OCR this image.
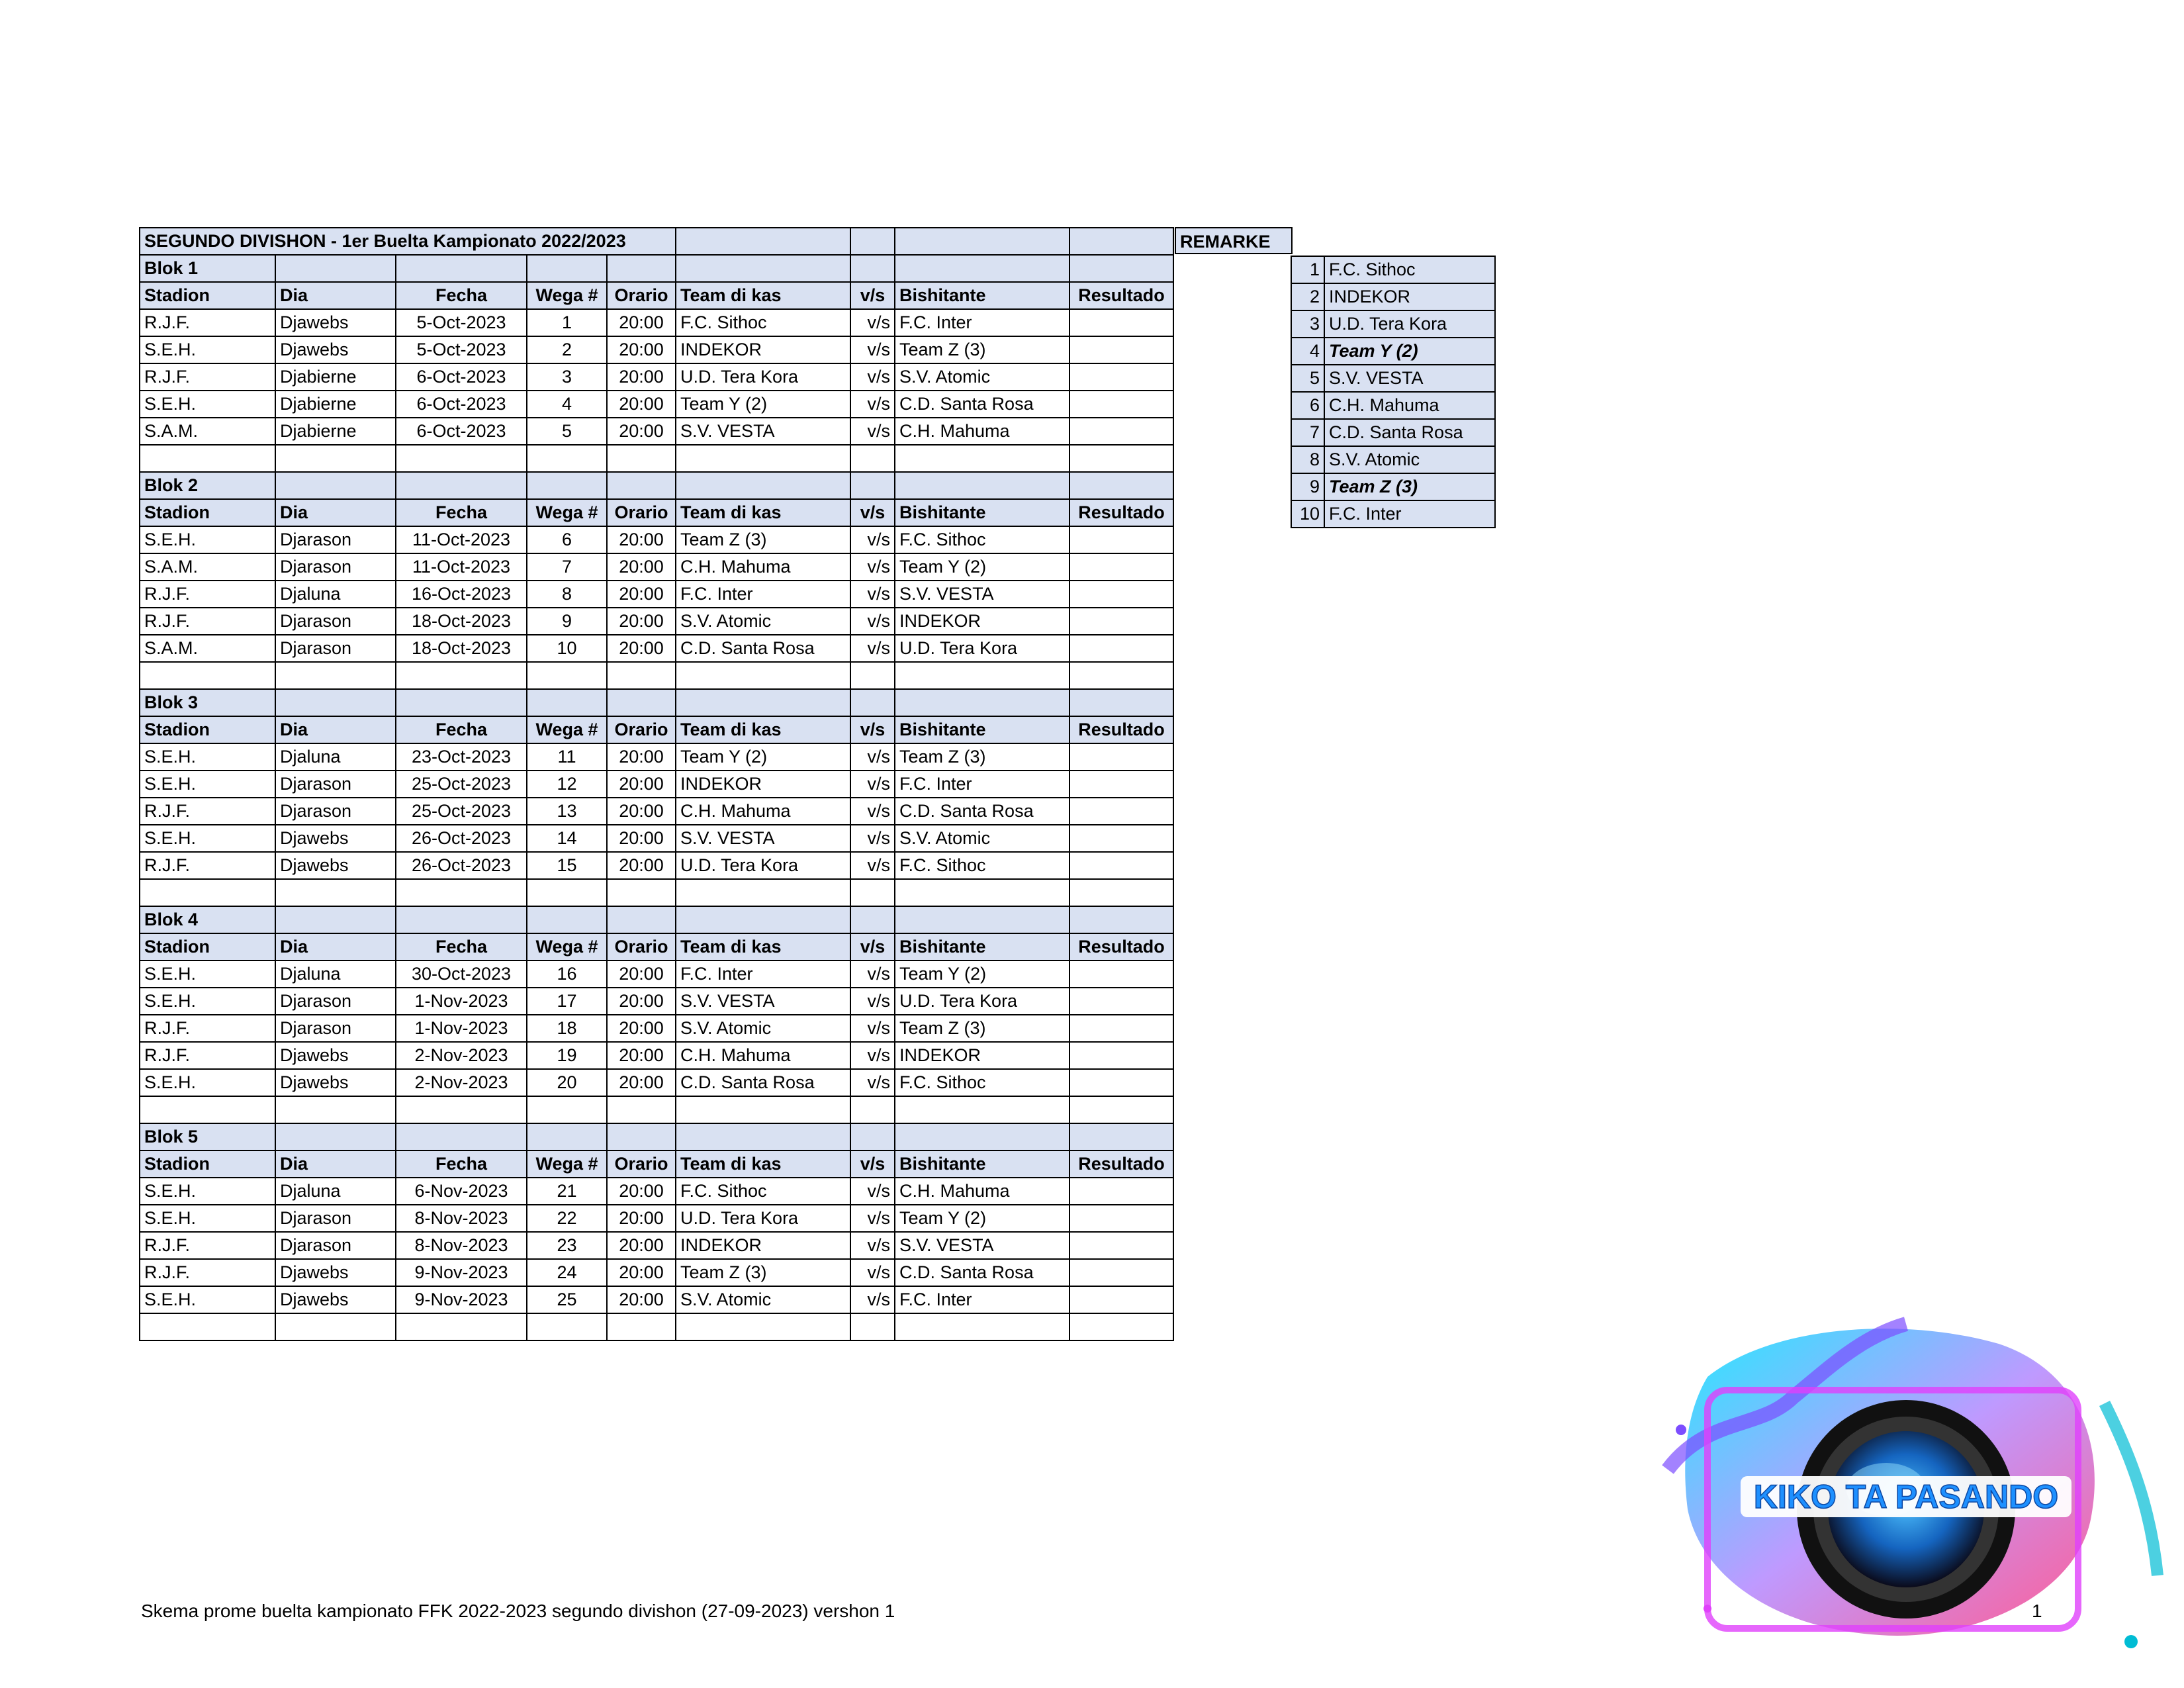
SEGUNDO DIVISHON - 1er Buelta Kampionato 2022/2023								
Blok 1								
Stadion	Dia	Fecha	Wega #	Orario	Team di kas	v/s	Bishitante	Resultado
R.J.F.	Djawebs	5-Oct-2023	1	20:00	F.C. Sithoc	v/s	F.C. Inter	
S.E.H.	Djawebs	5-Oct-2023	2	20:00	INDEKOR	v/s	Team Z (3)	
R.J.F.	Djabierne	6-Oct-2023	3	20:00	U.D. Tera Kora	v/s	S.V. Atomic	
S.E.H.	Djabierne	6-Oct-2023	4	20:00	Team Y (2)	v/s	C.D. Santa Rosa	
S.A.M.	Djabierne	6-Oct-2023	5	20:00	S.V. VESTA	v/s	C.H. Mahuma	

Blok 2								
Stadion	Dia	Fecha	Wega #	Orario	Team di kas	v/s	Bishitante	Resultado
S.E.H.	Djarason	11-Oct-2023	6	20:00	Team Z (3)	v/s	F.C. Sithoc	
S.A.M.	Djarason	11-Oct-2023	7	20:00	C.H. Mahuma	v/s	Team Y (2)	
R.J.F.	Djaluna	16-Oct-2023	8	20:00	F.C. Inter	v/s	S.V. VESTA	
R.J.F.	Djarason	18-Oct-2023	9	20:00	S.V. Atomic	v/s	INDEKOR	
S.A.M.	Djarason	18-Oct-2023	10	20:00	C.D. Santa Rosa	v/s	U.D. Tera Kora	

Blok 3								
Stadion	Dia	Fecha	Wega #	Orario	Team di kas	v/s	Bishitante	Resultado
S.E.H.	Djaluna	23-Oct-2023	11	20:00	Team Y (2)	v/s	Team Z (3)	
S.E.H.	Djarason	25-Oct-2023	12	20:00	INDEKOR	v/s	F.C. Inter	
R.J.F.	Djarason	25-Oct-2023	13	20:00	C.H. Mahuma	v/s	C.D. Santa Rosa	
S.E.H.	Djawebs	26-Oct-2023	14	20:00	S.V. VESTA	v/s	S.V. Atomic	
R.J.F.	Djawebs	26-Oct-2023	15	20:00	U.D. Tera Kora	v/s	F.C. Sithoc	

Blok 4								
Stadion	Dia	Fecha	Wega #	Orario	Team di kas	v/s	Bishitante	Resultado
S.E.H.	Djaluna	30-Oct-2023	16	20:00	F.C. Inter	v/s	Team Y (2)	
S.E.H.	Djarason	1-Nov-2023	17	20:00	S.V. VESTA	v/s	U.D. Tera Kora	
R.J.F.	Djarason	1-Nov-2023	18	20:00	S.V. Atomic	v/s	Team Z (3)	
R.J.F.	Djawebs	2-Nov-2023	19	20:00	C.H. Mahuma	v/s	INDEKOR	
S.E.H.	Djawebs	2-Nov-2023	20	20:00	C.D. Santa Rosa	v/s	F.C. Sithoc	

Blok 5								
Stadion	Dia	Fecha	Wega #	Orario	Team di kas	v/s	Bishitante	Resultado
S.E.H.	Djaluna	6-Nov-2023	21	20:00	F.C. Sithoc	v/s	C.H. Mahuma	
S.E.H.	Djarason	8-Nov-2023	22	20:00	U.D. Tera Kora	v/s	Team Y (2)	
R.J.F.	Djarason	8-Nov-2023	23	20:00	INDEKOR	v/s	S.V. VESTA	
R.J.F.	Djawebs	9-Nov-2023	24	20:00	Team Z (3)	v/s	C.D. Santa Rosa	
S.E.H.	Djawebs	9-Nov-2023	25	20:00	S.V. Atomic	v/s	F.C. Inter	

REMARKE
1	F.C. Sithoc
2	INDEKOR
3	U.D. Tera Kora
4	Team Y (2)
5	S.V. VESTA
6	C.H. Mahuma
7	C.D. Santa Rosa
8	S.V. Atomic
9	Team Z (3)
10	F.C. Inter
Skema prome buelta kampionato FFK 2022-2023 segundo divishon (27-09-2023) vershon 1	1
KIKO TA PASANDO
